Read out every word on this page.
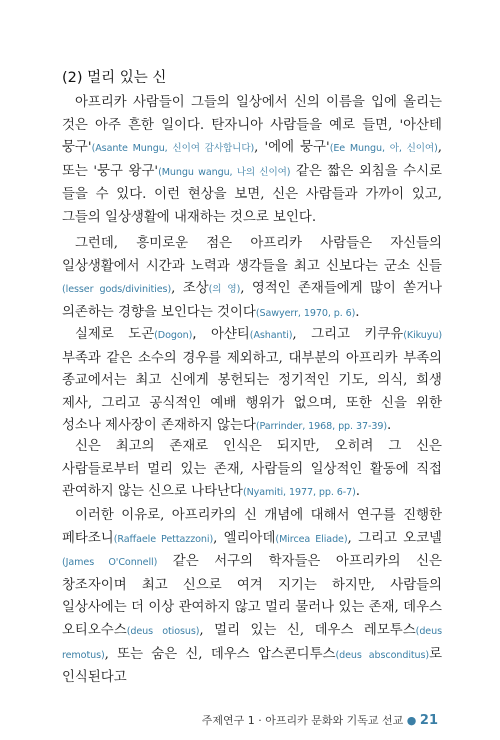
(2) 멀리 있는 신

아프리카 사람들이 그들의 일상에서 신의 이름을 입에 올리는 것은 아주 흔한 일이다. 탄자니아 사람들을 예로 들면, '아산테 뭉구'(Asante Mungu, 신이여 감사합니다), '에에 뭉구'(Ee Mungu, 아, 신이여), 또는 '뭉구 왕구'(Mungu wangu, 나의 신이여) 같은 짧은 외침을 수시로 들을 수 있다. 이런 현상을 보면, 신은 사람들과 가까이 있고, 그들의 일상생활에 내재하는 것으로 보인다.

그런데, 흥미로운 점은 아프리카 사람들은 자신들의 일상생활에서 시간과 노력과 생각들을 최고 신보다는 군소 신들(lesser gods/divinities), 조상(의 영), 영적인 존재들에게 많이 쏟거나 의존하는 경향을 보인다는 것이다(Sawyerr, 1970, p. 6).

실제로 도곤(Dogon), 아샨티(Ashanti), 그리고 키쿠유(Kikuyu) 부족과 같은 소수의 경우를 제외하고, 대부분의 아프리카 부족의 종교에서는 최고 신에게 봉헌되는 정기적인 기도, 의식, 희생 제사, 그리고 공식적인 예배 행위가 없으며, 또한 신을 위한 성소나 제사장이 존재하지 않는다(Parrinder, 1968, pp. 37-39).

신은 최고의 존재로 인식은 되지만, 오히려 그 신은 사람들로부터 멀리 있는 존재, 사람들의 일상적인 활동에 직접 관여하지 않는 신으로 나타난다(Nyamiti, 1977, pp. 6-7).

이러한 이유로, 아프리카의 신 개념에 대해서 연구를 진행한 페타조니(Raffaele Pettazzoni), 엘리아데(Mircea Eliade), 그리고 오코넬(James O'Connell) 같은 서구의 학자들은 아프리카의 신은 창조자이며 최고 신으로 여겨 지기는 하지만, 사람들의 일상사에는 더 이상 관여하지 않고 멀리 물러나 있는 존재, 데우스 오티오수스(deus otiosus), 멀리 있는 신, 데우스 레모투스(deus remotus), 또는 숨은 신, 데우스 압스콘디투스(deus absconditus)로 인식된다고

주제연구 1 · 아프리카 문화와 기독교 선교 ● 21
